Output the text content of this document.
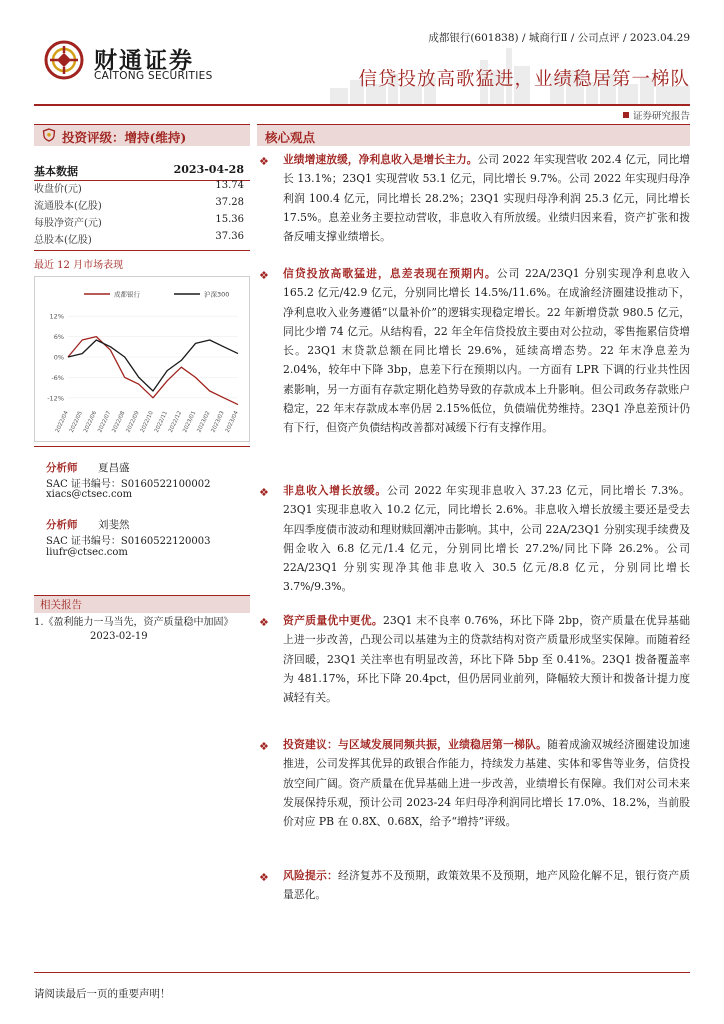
财通证券
CAITONG SECURITIES
成都银行(601838) / 城商行Ⅱ / 公司点评 / 2023.04.29
信贷投放高歌猛进，业绩稳居第一梯队
证券研究报告
投资评级：增持(维持)
基本数据	2023-04-28
收盘价(元)	13.74
流通股本(亿股)	37.28
每股净资产(元)	15.36
总股本(亿股)	37.36
最近 12 月市场表现
12%
6%
0%
-6%
-12%
2022/04 2022/05 2022/06 2022/07 2022/08 2022/09 2022/10 2022/11 2022/12 2023/01 2023/02 2023/03 2023/04
成都银行	沪深300
分析师 夏昌盛
SAC 证书编号：S0160522100002
xiacs@ctsec.com
分析师 刘斐然
SAC 证书编号：S0160522120003
liufr@ctsec.com
相关报告
1.《盈利能力一马当先，资产质量稳中加固》
2023-02-19
核心观点
❖ 业绩增速放缓，净利息收入是增长主力。公司 2022 年实现营收 202.4 亿元，同比增长 13.1%；23Q1 实现营收 53.1 亿元，同比增长 9.7%。公司 2022 年实现归母净利润 100.4 亿元，同比增长 28.2%；23Q1 实现归母净利润 25.3 亿元，同比增长 17.5%。息差业务主要拉动营收，非息收入有所放缓。业绩归因来看，资产扩张和拨备反哺支撑业绩增长。
❖ 信贷投放高歌猛进，息差表现在预期内。公司 22A/23Q1 分别实现净利息收入 165.2 亿元/42.9 亿元，分别同比增长 14.5%/11.6%。在成渝经济圈建设推动下，净利息收入业务遵循“以量补价”的逻辑实现稳定增长。22 年新增贷款 980.5 亿元，同比少增 74 亿元。从结构看，22 年全年信贷投放主要由对公拉动，零售拖累信贷增长。23Q1 末贷款总额在同比增长 29.6%，延续高增态势。22 年末净息差为 2.04%，较年中下降 3bp，息差下行在预期以内。一方面有 LPR 下调的行业共性因素影响，另一方面有存款定期化趋势导致的存款成本上升影响。但公司政务存款账户稳定，22 年末存款成本率仍居 2.15%低位，负债端优势维持。23Q1 净息差预计仍有下行，但资产负债结构改善都对减缓下行有支撑作用。
❖ 非息收入增长放缓。公司 2022 年实现非息收入 37.23 亿元，同比增长 7.3%。23Q1 实现非息收入 10.2 亿元，同比增长 2.6%。非息收入增长放缓主要还是受去年四季度债市波动和理财赎回潮冲击影响。其中，公司 22A/23Q1 分别实现手续费及佣金收入 6.8 亿元/1.4 亿元，分别同比增长 27.2%/同比下降 26.2%。公司 22A/23Q1 分别实现净其他非息收入 30.5 亿元/8.8 亿元，分别同比增长 3.7%/9.3%。
❖ 资产质量优中更优。23Q1 末不良率 0.76%，环比下降 2bp，资产质量在优异基础上进一步改善，凸现公司以基建为主的贷款结构对资产质量形成坚实保障。而随着经济回暖，23Q1 关注率也有明显改善，环比下降 5bp 至 0.41%。23Q1 拨备覆盖率为 481.17%，环比下降 20.4pct，但仍居同业前列，降幅较大预计和拨备计提力度减轻有关。
❖ 投资建议：与区域发展同频共振，业绩稳居第一梯队。随着成渝双城经济圈建设加速推进，公司发挥其优异的政银合作能力，持续发力基建、实体和零售等业务，信贷投放空间广阔。资产质量在优异基础上进一步改善，业绩增长有保障。我们对公司未来发展保持乐观，预计公司 2023-24 年归母净利润同比增长 17.0%、18.2%，当前股价对应 PB 在 0.8X、0.68X，给予“增持”评级。
❖ 风险提示：经济复苏不及预期，政策效果不及预期，地产风险化解不足，银行资产质量恶化。
请阅读最后一页的重要声明！
